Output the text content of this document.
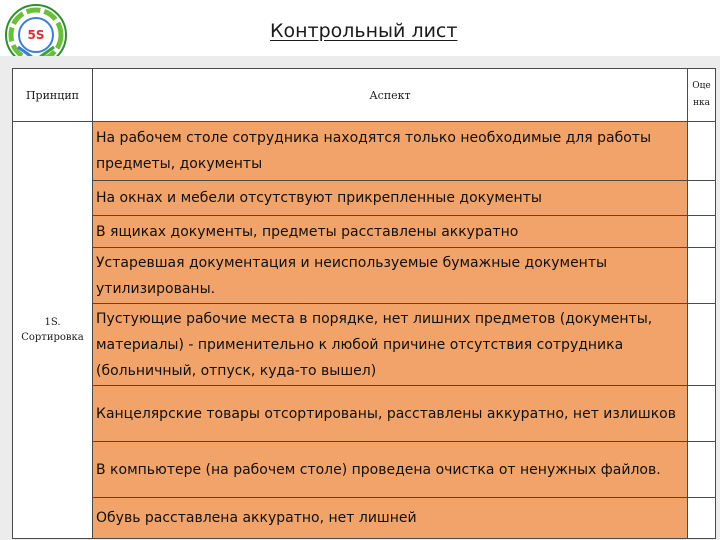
5S	Контрольный лист
Принцип	Аспект	Оце нка

1S.
Сортировка	На рабочем столе сотрудника находятся только необходимые для работы предметы, документы	
	На окнах и мебели отсутствуют прикрепленные документы	
	В ящиках документы, предметы расставлены аккуратно	
	Устаревшая документация и неиспользуемые бумажные документы утилизированы.	
	Пустующие рабочие места в порядке, нет лишних предметов (документы, материалы) - применительно к любой причине отсутствия сотрудника (больничный, отпуск, куда-то вышел)	
	Канцелярские товары отсортированы, расставлены аккуратно, нет излишков	
	В компьютере (на рабочем столе) проведена очистка от ненужных файлов.	
	Обувь расставлена аккуратно, нет лишней	
